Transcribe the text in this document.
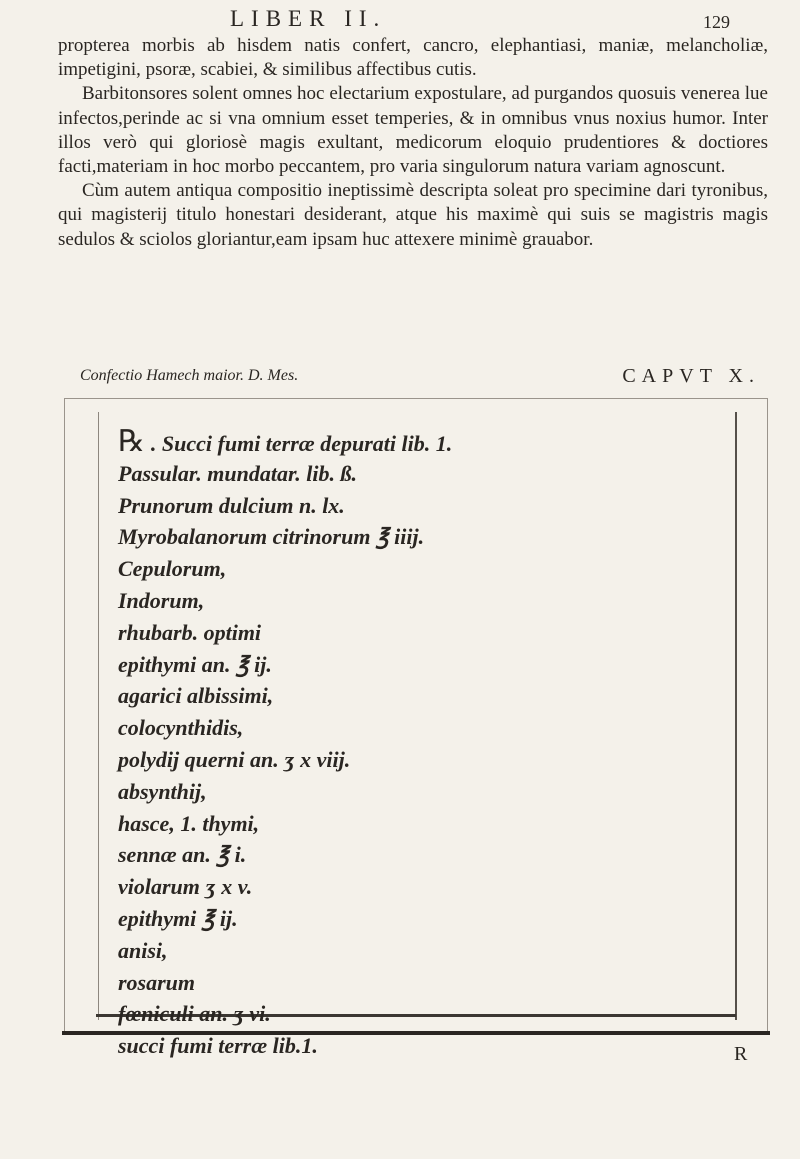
LIBER II.	129

propterea morbis ab hisdem natis confert, cancro, elephantiasi, maniæ, melancholiæ, impetigini, psoræ, scabiei, & similibus affectibus cutis.

Barbitonsores solent omnes hoc electarium expostulare, ad purgandos quosuis venerea lue infectos,perinde ac si vna omnium esset temperies, & in omnibus vnus noxius humor. Inter illos verò qui gloriosè magis exultant, medicorum eloquio prudentiores & doctiores facti,materiam in hoc morbo peccantem, pro varia singulorum natura variam agnoscunt.

Cùm autem antiqua compositio ineptissimè descripta soleat pro specimine dari tyronibus, qui magisterij titulo honestari desiderant, atque his maximè qui suis se magistris magis sedulos & sciolos gloriantur,eam ipsam huc attexere minimè grauabor.

Confectio Hamech maior. D. Mes.	CAPVT X.
℞ . Succi fumi terræ depurati lib. 1.
Passular. mundatar. lib. ß.
Prunorum dulcium n. lx.
Myrobalanorum citrinorum ℥ iiij.
Cepulorum,
Indorum,
rhubarb. optimi
epithymi an. ℥ ij.
agarici albissimi,
colocynthidis,
polydij querni an. ʒ x viij.
absynthij,
hasce, 1. thymi,
sennæ an. ℥ i.
violarum ʒ x v.
epithymi ℥ ij.
anisi,
rosarum
fœniculi an. ʒ vi.
succi fumi terræ lib.1.	R
